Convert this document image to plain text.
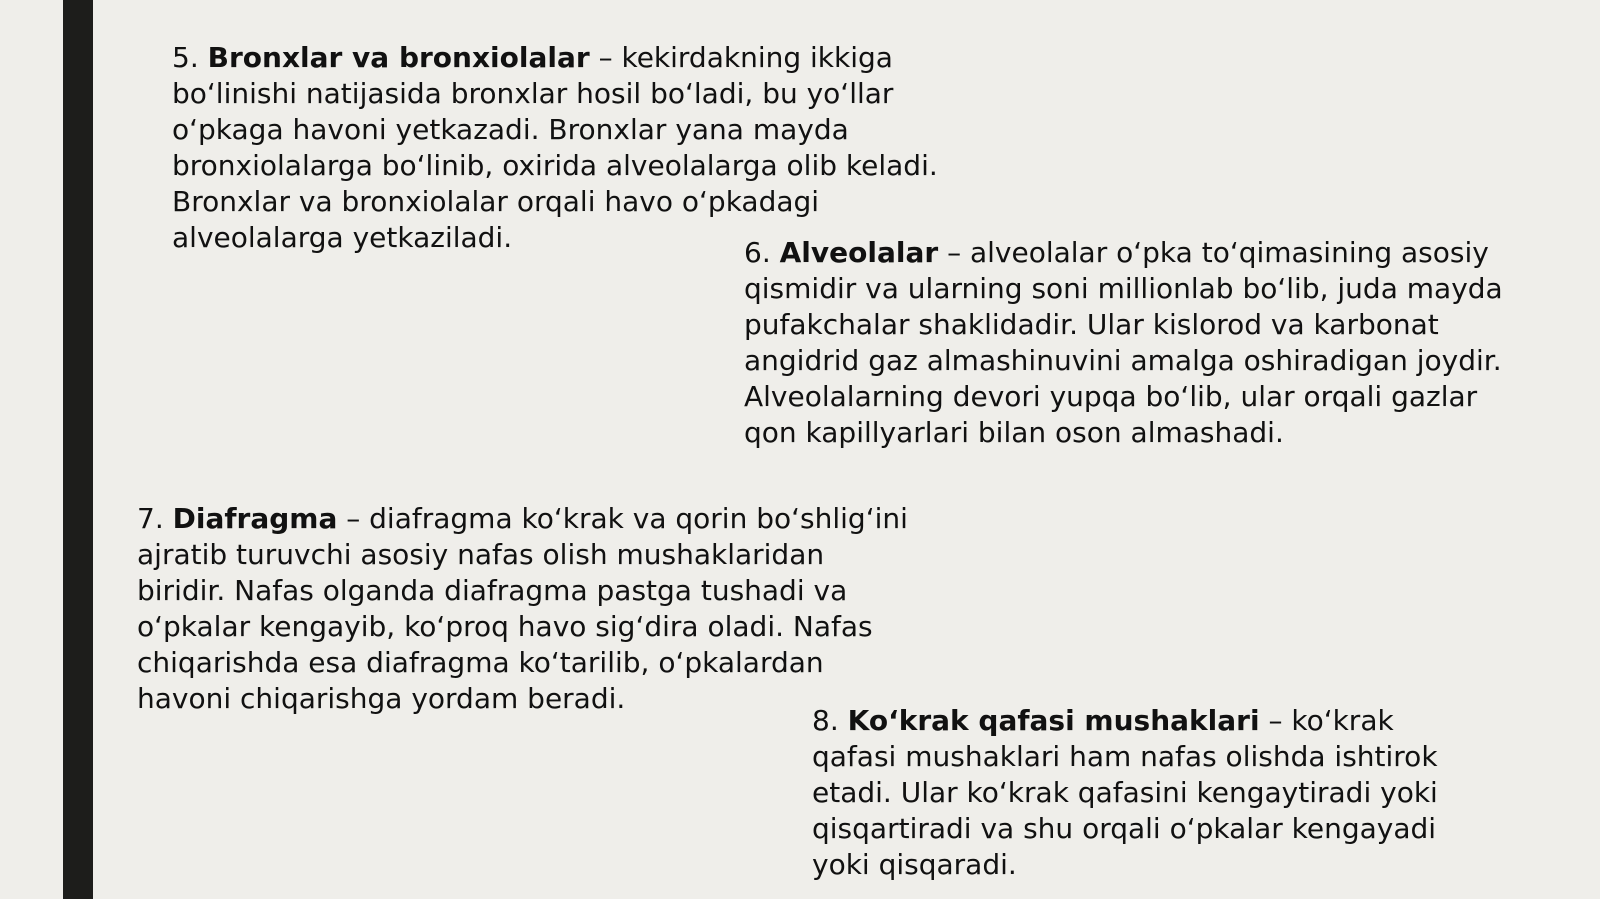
5. Bronxlar va bronxiolalar – kekirdakning ikkiga
bo‘linishi natijasida bronxlar hosil bo‘ladi, bu yo‘llar
o‘pkaga havoni yetkazadi. Bronxlar yana mayda
bronxiolalarga bo‘linib, oxirida alveolalarga olib keladi.
Bronxlar va bronxiolalar orqali havo o‘pkadagi
alveolalarga yetkaziladi.	6. Alveolalar – alveolalar o‘pka to‘qimasining asosiy
qismidir va ularning soni millionlab bo‘lib, juda mayda
pufakchalar shaklidadir. Ular kislorod va karbonat
angidrid gaz almashinuvini amalga oshiradigan joydir.
Alveolalarning devori yupqa bo‘lib, ular orqali gazlar
qon kapillyarlari bilan oson almashadi.
7. Diafragma – diafragma ko‘krak va qorin bo‘shlig‘ini
ajratib turuvchi asosiy nafas olish mushaklaridan
biridir. Nafas olganda diafragma pastga tushadi va
o‘pkalar kengayib, ko‘proq havo sig‘dira oladi. Nafas
chiqarishda esa diafragma ko‘tarilib, o‘pkalardan
havoni chiqarishga yordam beradi.
8. Ko‘krak qafasi mushaklari – ko‘krak
qafasi mushaklari ham nafas olishda ishtirok
etadi. Ular ko‘krak qafasini kengaytiradi yoki
qisqartiradi va shu orqali o‘pkalar kengayadi
yoki qisqaradi.
